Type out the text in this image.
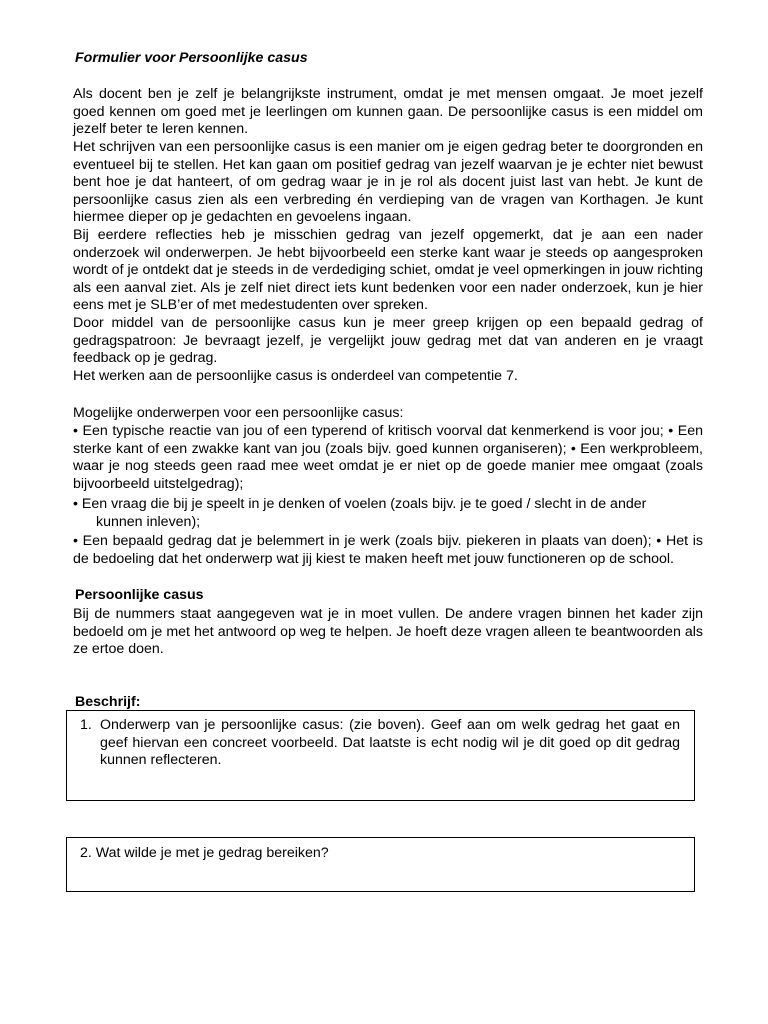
Formulier voor Persoonlijke casus

Als docent ben je zelf je belangrijkste instrument, omdat je met mensen omgaat. Je moet jezelf goed kennen om goed met je leerlingen om kunnen gaan. De persoonlijke casus is een middel om jezelf beter te leren kennen.

Het schrijven van een persoonlijke casus is een manier om je eigen gedrag beter te doorgronden en eventueel bij te stellen. Het kan gaan om positief gedrag van jezelf waarvan je je echter niet bewust bent hoe je dat hanteert, of om gedrag waar je in je rol als docent juist last van hebt. Je kunt de persoonlijke casus zien als een verbreding én verdieping van de vragen van Korthagen. Je kunt hiermee dieper op je gedachten en gevoelens ingaan.

Bij eerdere reflecties heb je misschien gedrag van jezelf opgemerkt, dat je aan een nader onderzoek wil onderwerpen. Je hebt bijvoorbeeld een sterke kant waar je steeds op aangesproken wordt of je ontdekt dat je steeds in de verdediging schiet, omdat je veel opmerkingen in jouw richting als een aanval ziet. Als je zelf niet direct iets kunt bedenken voor een nader onderzoek, kun je hier eens met je SLB’er of met medestudenten over spreken.

Door middel van de persoonlijke casus kun je meer greep krijgen op een bepaald gedrag of gedragspatroon: Je bevraagt jezelf, je vergelijkt jouw gedrag met dat van anderen en je vraagt feedback op je gedrag.

Het werken aan de persoonlijke casus is onderdeel van competentie 7.

Mogelijke onderwerpen voor een persoonlijke casus:

• Een typische reactie van jou of een typerend of kritisch voorval dat kenmerkend is voor jou; • Een sterke kant of een zwakke kant van jou (zoals bijv. goed kunnen organiseren); • Een werkprobleem, waar je nog steeds geen raad mee weet omdat je er niet op de goede manier mee omgaat (zoals bijvoorbeeld uitstelgedrag);

• Een vraag die bij je speelt in je denken of voelen (zoals bijv. je te goed / slecht in de ander
kunnen inleven);

• Een bepaald gedrag dat je belemmert in je werk (zoals bijv. piekeren in plaats van doen); • Het is de bedoeling dat het onderwerp wat jij kiest te maken heeft met jouw functioneren op de school.

Persoonlijke casus

Bij de nummers staat aangegeven wat je in moet vullen. De andere vragen binnen het kader zijn bedoeld om je met het antwoord op weg te helpen. Je hoeft deze vragen alleen te beantwoorden als ze ertoe doen.

Beschrijf:

1. Onderwerp van je persoonlijke casus: (zie boven). Geef aan om welk gedrag het gaat en geef hiervan een concreet voorbeeld. Dat laatste is echt nodig wil je dit goed op dit gedrag kunnen reflecteren.

2. Wat wilde je met je gedrag bereiken?
